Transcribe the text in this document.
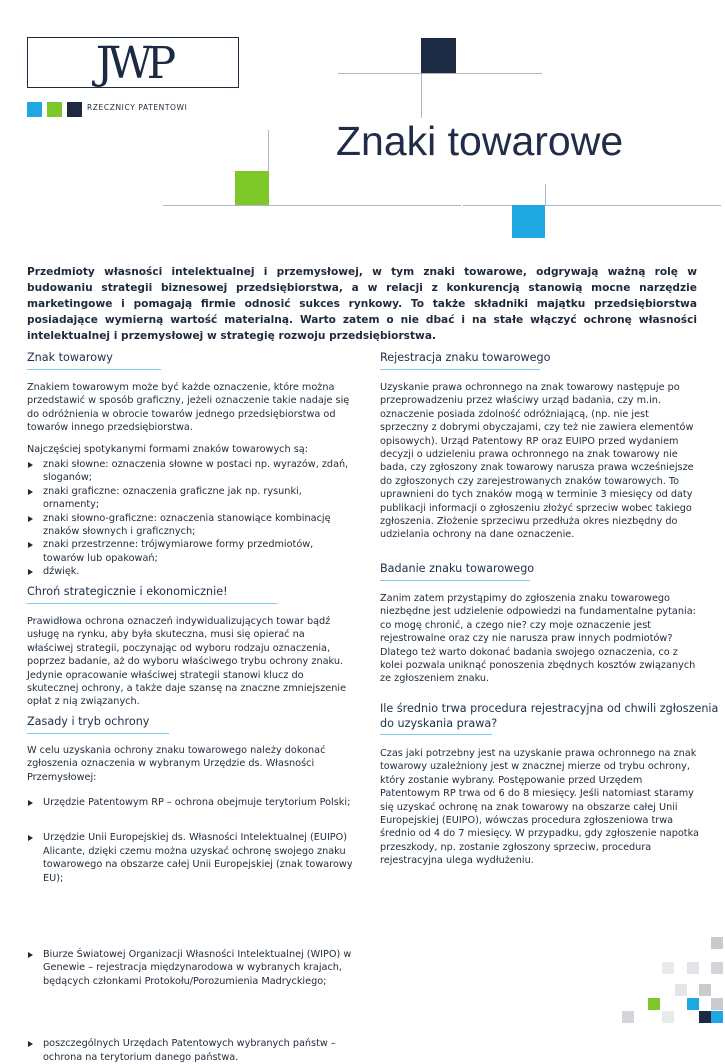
JWP
RZECZNICY PATENTOWI
Znaki towarowe
Przedmioty własności intelektualnej i przemysłowej, w tym znaki towarowe, odgrywają ważną rolę w budowaniu strategii biznesowej przedsiębiorstwa, a w relacji z konkurencją stanowią mocne narzędzie marketingowe i pomagają firmie odnosić sukces rynkowy. To także składniki majątku przedsiębiorstwa posiadające wymierną wartość materialną. Warto zatem o nie dbać i na stałe włączyć ochronę własności intelektualnej i przemysłowej w strategię rozwoju przedsiębiorstwa.
Znak towarowy
Znakiem towarowym może być każde oznaczenie, które można przedstawić w sposób graficzny, jeżeli oznaczenie takie nadaje się do odróżnienia w obrocie towarów jednego przedsiębiorstwa od towarów innego przedsiębiorstwa.
Najczęściej spotykanymi formami znaków towarowych są:
znaki słowne: oznaczenia słowne w postaci np. wyrazów, zdań, sloganów;
znaki graficzne: oznaczenia graficzne jak np. rysunki, ornamenty;
znaki słowno-graficzne: oznaczenia stanowiące kombinację znaków słownych i graficznych;
znaki przestrzenne: trójwymiarowe formy przedmiotów, towarów lub opakowań;
dźwięk.
Chroń strategicznie i ekonomicznie!
Prawidłowa ochrona oznaczeń indywidualizujących towar bądź usługę na rynku, aby była skuteczna, musi się opierać na właściwej strategii, poczynając od wyboru rodzaju oznaczenia, poprzez badanie, aż do wyboru właściwego trybu ochrony znaku. Jedynie opracowanie właściwej strategii stanowi klucz do skutecznej ochrony, a także daje szansę na znaczne zmniejszenie opłat z nią związanych.
Zasady i tryb ochrony
W celu uzyskania ochrony znaku towarowego należy dokonać zgłoszenia oznaczenia w wybranym Urzędzie ds. Własności Przemysłowej:
Urzędzie Patentowym RP – ochrona obejmuje terytorium Polski;
Urzędzie Unii Europejskiej ds. Własności Intelektualnej (EUIPO) Alicante, dzięki czemu można uzyskać ochronę swojego znaku towarowego na obszarze całej Unii Europejskiej (znak towarowy EU);
Biurze Światowej Organizacji Własności Intelektualnej (WIPO) w Genewie – rejestracja międzynarodowa w wybranych krajach, będących członkami Protokołu/Porozumienia Madryckiego;
poszczególnych Urzędach Patentowych wybranych państw – ochrona na terytorium danego państwa.
Rejestracja znaku towarowego
Uzyskanie prawa ochronnego na znak towarowy następuje po przeprowadzeniu przez właściwy urząd badania, czy m.in. oznaczenie posiada zdolność odróżniającą, (np. nie jest sprzeczny z dobrymi obyczajami, czy też nie zawiera elementów opisowych). Urząd Patentowy RP oraz EUIPO przed wydaniem decyzji o udzieleniu prawa ochronnego na znak towarowy nie bada, czy zgłoszony znak towarowy narusza prawa wcześniejsze do zgłoszonych czy zarejestrowanych znaków towarowych. To uprawnieni do tych znaków mogą w terminie 3 miesięcy od daty publikacji informacji o zgłoszeniu złożyć sprzeciw wobec takiego zgłoszenia. Złożenie sprzeciwu przedłuża okres niezbędny do udzielania ochrony na dane oznaczenie.
Badanie znaku towarowego
Zanim zatem przystąpimy do zgłoszenia znaku towarowego niezbędne jest udzielenie odpowiedzi na fundamentalne pytania: co mogę chronić, a czego nie? czy moje oznaczenie jest rejestrowalne oraz czy nie narusza praw innych podmiotów? Dlatego też warto dokonać badania swojego oznaczenia, co z kolei pozwala uniknąć ponoszenia zbędnych kosztów związanych ze zgłoszeniem znaku.
Ile średnio trwa procedura rejestracyjna od chwili zgłoszenia
do uzyskania prawa?
Czas jaki potrzebny jest na uzyskanie prawa ochronnego na znak towarowy uzależniony jest w znacznej mierze od trybu ochrony, który zostanie wybrany. Postępowanie przed Urzędem Patentowym RP trwa od 6 do 8 miesięcy. Jeśli natomiast staramy się uzyskać ochronę na znak towarowy na obszarze całej Unii Europejskiej (EUIPO), wówczas procedura zgłoszeniowa trwa średnio od 4 do 7 miesięcy. W przypadku, gdy zgłoszenie napotka przeszkody, np. zostanie zgłoszony sprzeciw, procedura rejestracyjna ulega wydłużeniu.
